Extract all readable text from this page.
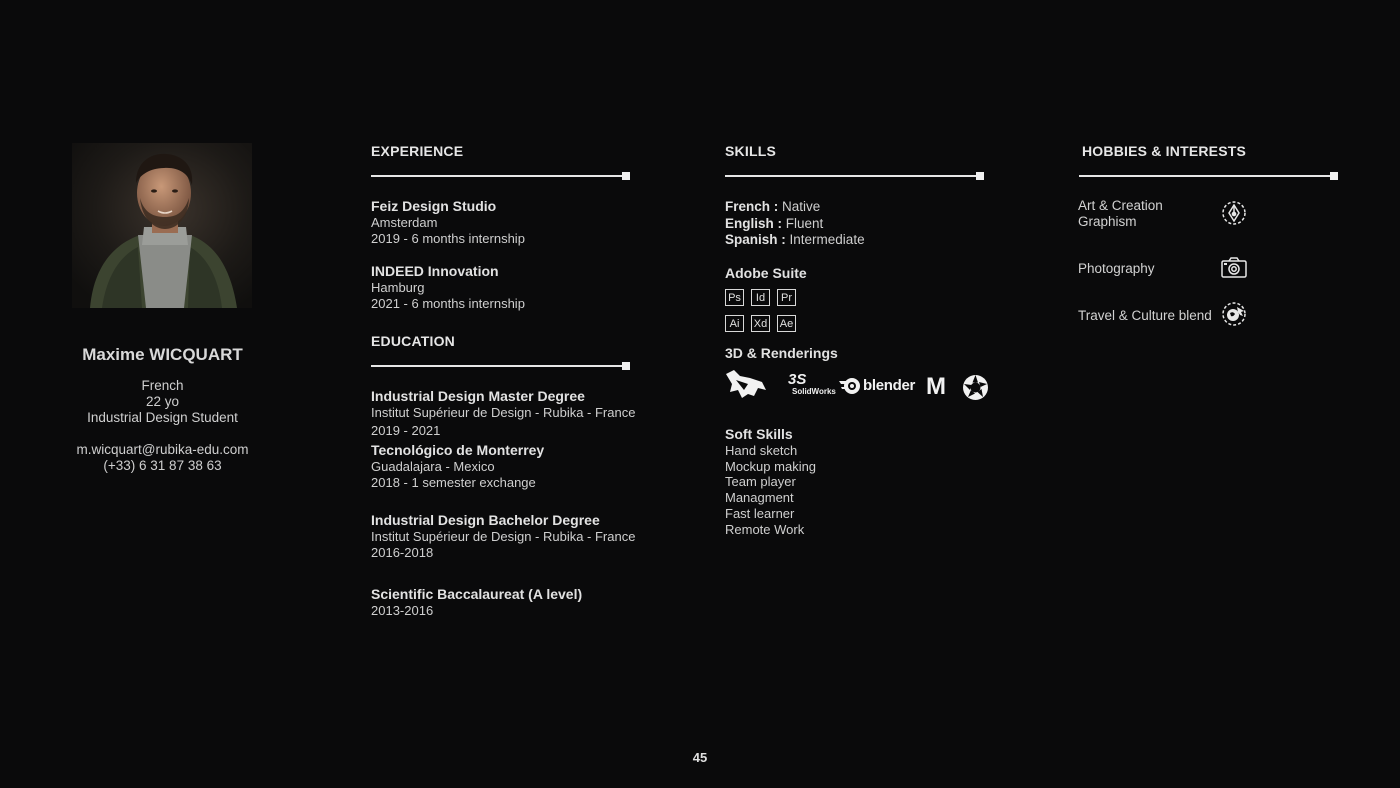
Maxime WICQUART
French
22 yo
Industrial Design Student
m.wicquart@rubika-edu.com
(+33) 6 31 87 38 63
EXPERIENCE
Feiz Design Studio
Amsterdam
2019 - 6 months internship
INDEED Innovation
Hamburg
2021 - 6 months internship
EDUCATION
Industrial Design Master Degree
Institut Supérieur de Design - Rubika - France
2019 - 2021
Tecnológico de Monterrey
Guadalajara - Mexico
2018 - 1 semester exchange
Industrial Design Bachelor Degree
Institut Supérieur de Design - Rubika - France
2016-2018
Scientific Baccalaureat (A level)
2013-2016
SKILLS
French : Native
English : Fluent
Spanish : Intermediate
Adobe Suite
Ps	Id	Pr
Ai	Xd Ae
3D & Renderings
3S
SolidWorks blender M
Soft Skills
Hand sketch
Mockup making
Team player
Managment
Fast learner
Remote Work
HOBBIES & INTERESTS
Art & Creation
Graphism
Photography
Travel & Culture blend
45
